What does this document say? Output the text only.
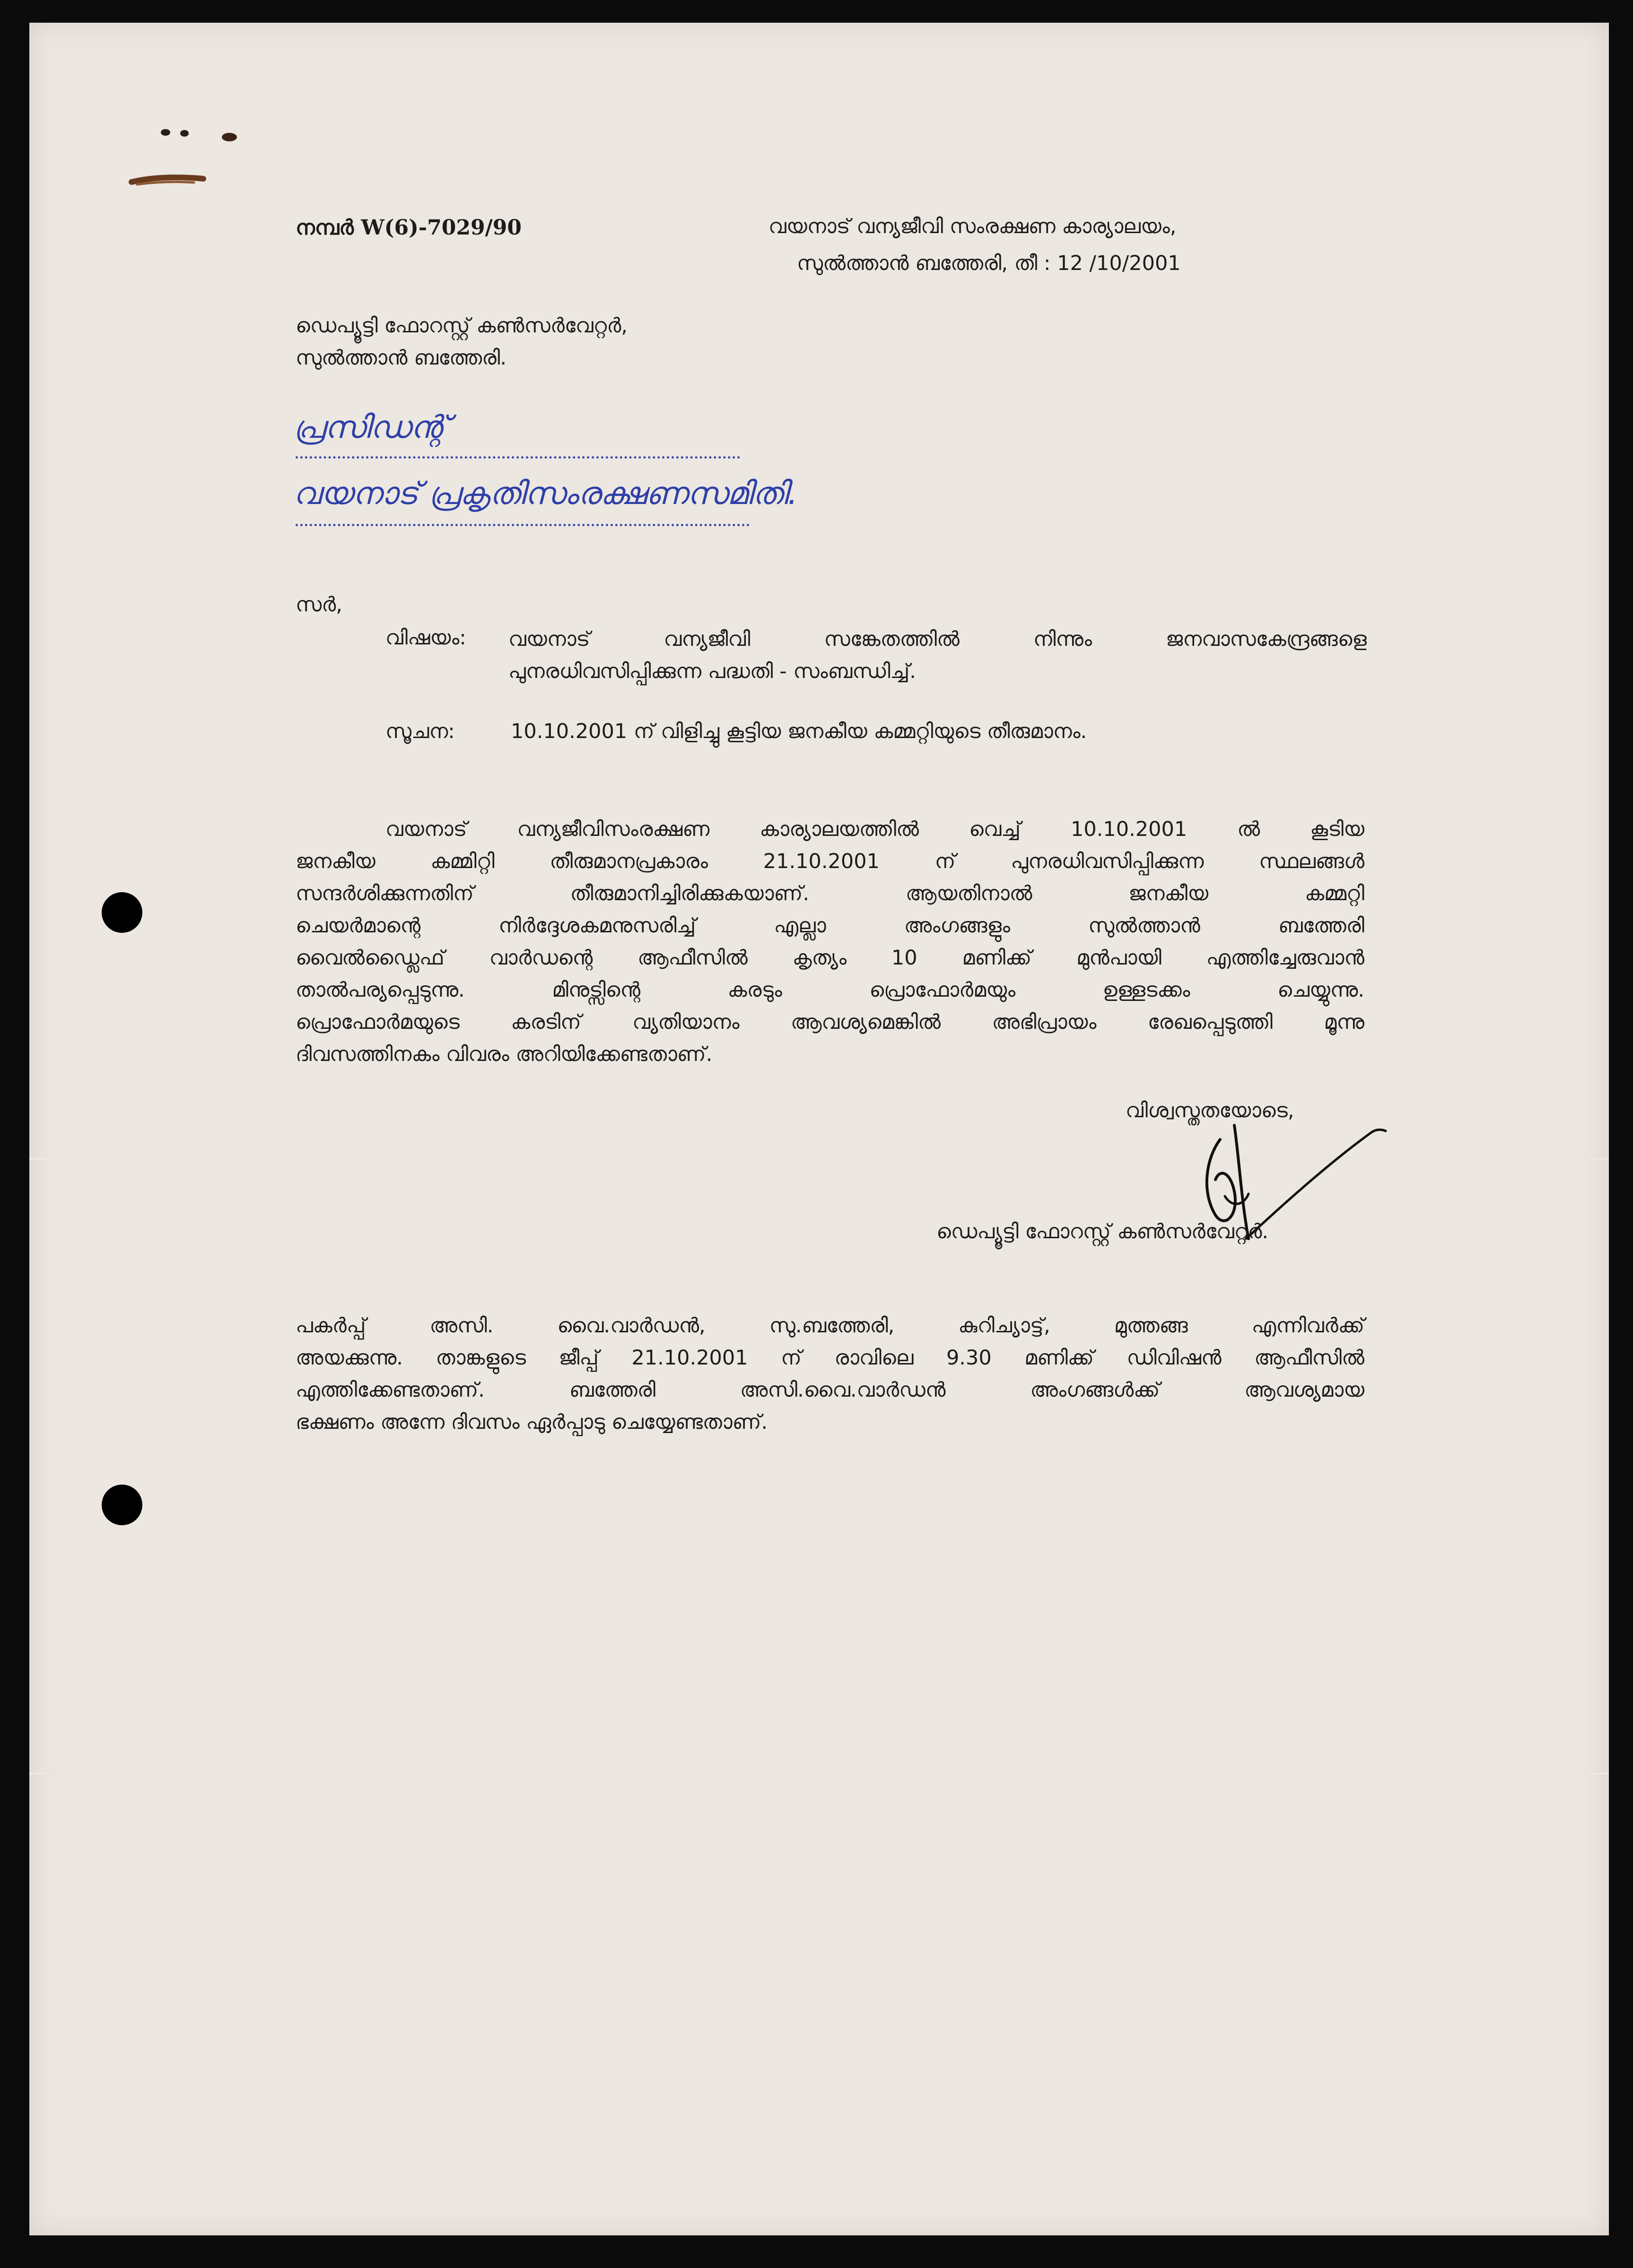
നമ്പർ W(6)-7029/90	വയനാട് വന്യജീവി സംരക്ഷണ കാര്യാലയം,
സുൽത്താൻ ബത്തേരി, തീ : 12 /10/2001
ഡെപ്യൂട്ടി ഫോറസ്റ്റ് കൺസർവേറ്റർ,
സുൽത്താൻ ബത്തേരി.
പ്രസിഡന്റ്
വയനാട് പ്രകൃതിസംരക്ഷണസമിതി.
സർ,
വിഷയം: വയനാട് വന്യജീവി സങ്കേതത്തിൽ നിന്നും ജനവാസകേന്ദ്രങ്ങളെ
പുനരധിവസിപ്പിക്കുന്ന പദ്ധതി - സംബന്ധിച്ച്.
സൂചന:	10.10.2001 ന് വിളിച്ചു കൂട്ടിയ ജനകീയ കമ്മറ്റിയുടെ തീരുമാനം.
വയനാട് വന്യജീവിസംരക്ഷണ കാര്യാലയത്തിൽ വെച്ച് 10.10.2001 ൽ കൂടിയ
ജനകീയ കമ്മിറ്റി തീരുമാനപ്രകാരം 21.10.2001 ന് പുനരധിവസിപ്പിക്കുന്ന സ്ഥലങ്ങൾ
സന്ദർശിക്കുന്നതിന് തീരുമാനിച്ചിരിക്കുകയാണ്. ആയതിനാൽ ജനകീയ കമ്മറ്റി
ചെയർമാന്റെ നിർദ്ദേശകമനുസരിച്ച് എല്ലാ അംഗങ്ങളും സുൽത്താൻ ബത്തേരി
വൈൽഡ്ലൈഫ് വാർഡന്റെ ആഫീസിൽ കൃത്യം 10 മണിക്ക് മുൻപായി എത്തിച്ചേരുവാൻ
താൽപര്യപ്പെടുന്നു. മിനുട്സിന്റെ കരടും പ്രൊഫോർമയും ഉള്ളടക്കം ചെയ്യുന്നു.
പ്രൊഫോർമയുടെ കരടിന് വ്യതിയാനം ആവശ്യമെങ്കിൽ അഭിപ്രായം രേഖപ്പെടുത്തി മൂന്നു
ദിവസത്തിനകം വിവരം അറിയിക്കേണ്ടതാണ്.
വിശ്വസ്തതയോടെ,
ഡെപ്യൂട്ടി ഫോറസ്റ്റ് കൺസർവേറ്റർ.
പകർപ്പ് അസി. വൈ.വാർഡൻ, സു.ബത്തേരി, കുറിച്യാട്ട്, മുത്തങ്ങ എന്നിവർക്ക്
അയക്കുന്നു. താങ്കളുടെ ജീപ്പ് 21.10.2001 ന് രാവിലെ 9.30 മണിക്ക് ഡിവിഷൻ ആഫീസിൽ
എത്തിക്കേണ്ടതാണ്. ബത്തേരി അസി.വൈ.വാർഡൻ അംഗങ്ങൾക്ക് ആവശ്യമായ
ഭക്ഷണം അന്നേ ദിവസം ഏർപ്പാടു ചെയ്യേണ്ടതാണ്.
